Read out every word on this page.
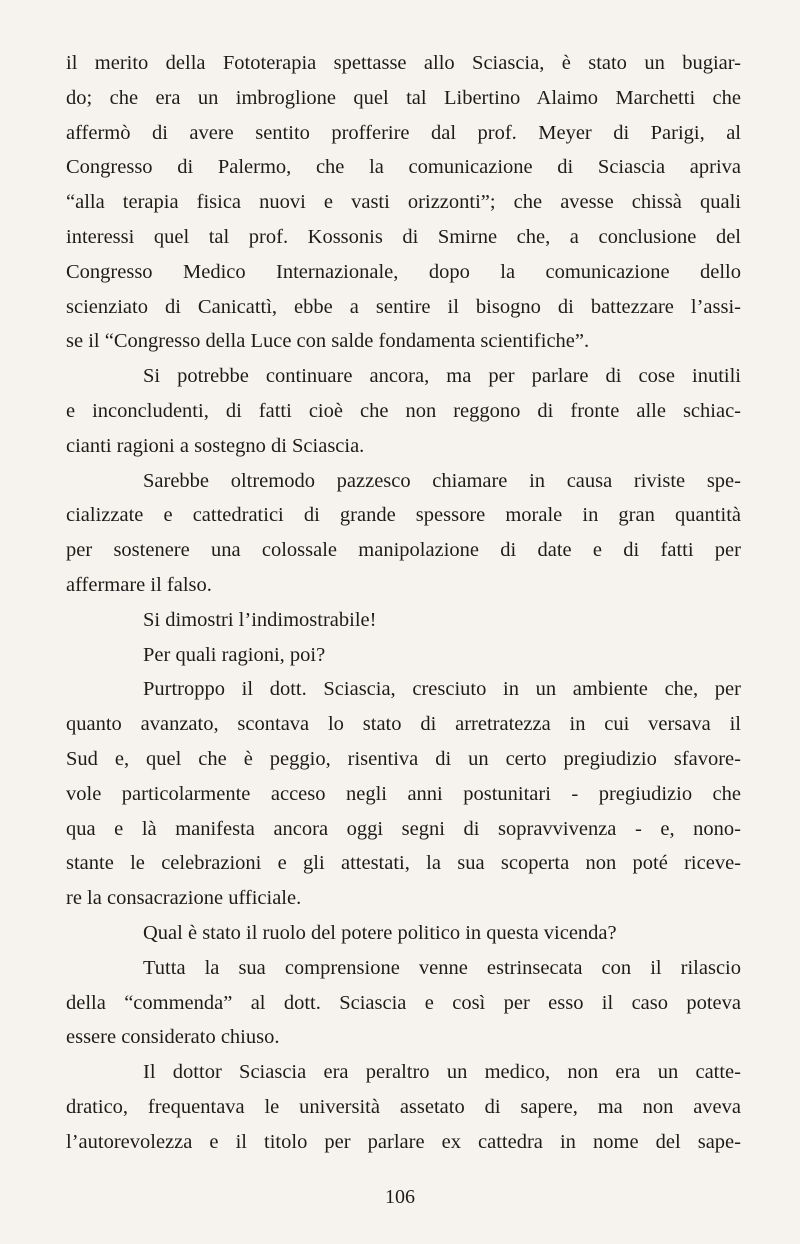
il merito della Fototerapia spettasse allo Sciascia, è stato un bugiar-
do; che era un imbroglione quel tal Libertino Alaimo Marchetti che
affermò di avere sentito profferire dal prof. Meyer di Parigi, al
Congresso di Palermo, che la comunicazione di Sciascia apriva
“alla terapia fisica nuovi e vasti orizzonti”; che avesse chissà quali
interessi quel tal prof. Kossonis di Smirne che, a conclusione del
Congresso Medico Internazionale, dopo la comunicazione dello
scienziato di Canicattì, ebbe a sentire il bisogno di battezzare l’assi-
se il “Congresso della Luce con salde fondamenta scientifiche”.
Si potrebbe continuare ancora, ma per parlare di cose inutili
e inconcludenti, di fatti cioè che non reggono di fronte alle schiac-
cianti ragioni a sostegno di Sciascia.
Sarebbe oltremodo pazzesco chiamare in causa riviste spe-
cializzate e cattedratici di grande spessore morale in gran quantità
per sostenere una colossale manipolazione di date e di fatti per
affermare il falso.
Si dimostri l’indimostrabile!
Per quali ragioni, poi?
Purtroppo il dott. Sciascia, cresciuto in un ambiente che, per
quanto avanzato, scontava lo stato di arretratezza in cui versava il
Sud e, quel che è peggio, risentiva di un certo pregiudizio sfavore-
vole particolarmente acceso negli anni postunitari - pregiudizio che
qua e là manifesta ancora oggi segni di sopravvivenza - e, nono-
stante le celebrazioni e gli attestati, la sua scoperta non poté riceve-
re la consacrazione ufficiale.
Qual è stato il ruolo del potere politico in questa vicenda?
Tutta la sua comprensione venne estrinsecata con il rilascio
della “commenda” al dott. Sciascia e così per esso il caso poteva
essere considerato chiuso.
Il dottor Sciascia era peraltro un medico, non era un catte-
dratico, frequentava le università assetato di sapere, ma non aveva
l’autorevolezza e il titolo per parlare ex cattedra in nome del sape-
106
